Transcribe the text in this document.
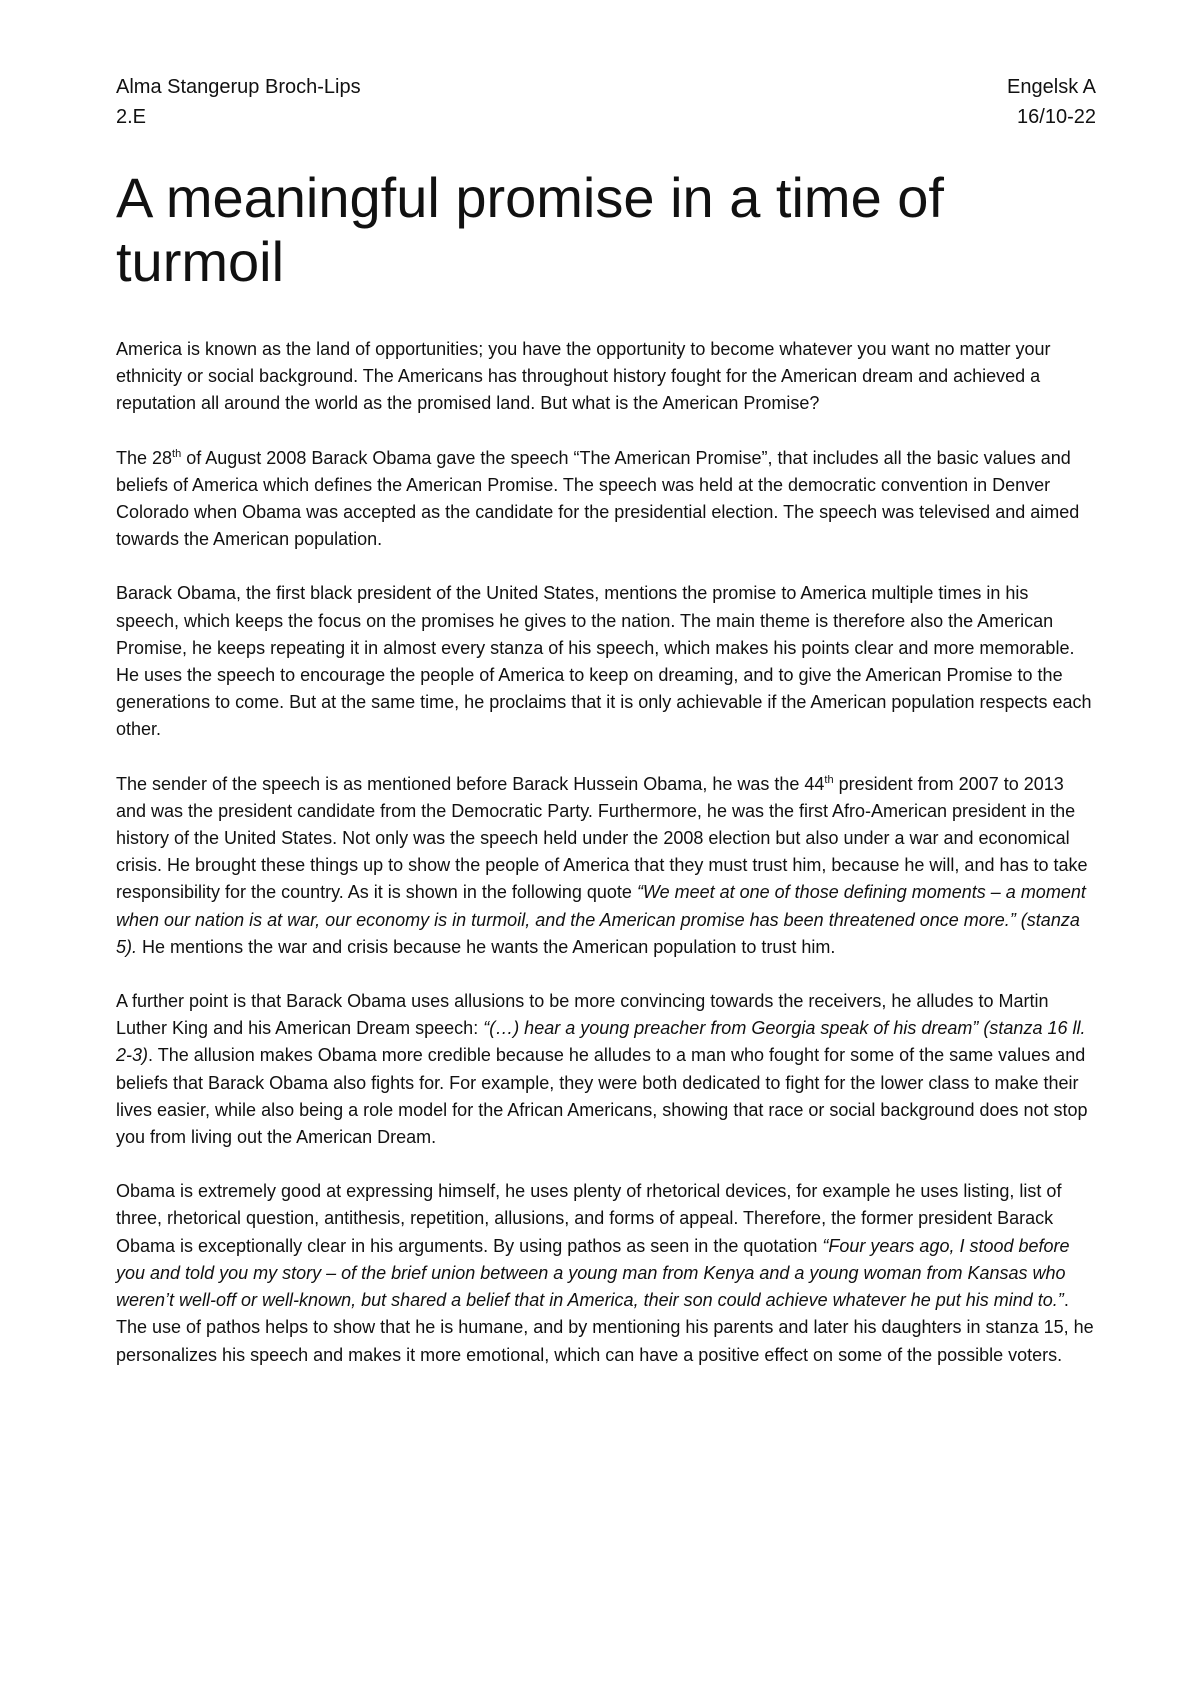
Alma Stangerup Broch-Lips
2.E
Engelsk A
16/10-22
A meaningful promise in a time of turmoil

America is known as the land of opportunities; you have the opportunity to become whatever you want no matter your ethnicity or social background. The Americans has throughout history fought for the American dream and achieved a reputation all around the world as the promised land. But what is the American Promise?

The 28th of August 2008 Barack Obama gave the speech “The American Promise”, that includes all the basic values and beliefs of America which defines the American Promise. The speech was held at the democratic convention in Denver Colorado when Obama was accepted as the candidate for the presidential election. The speech was televised and aimed towards the American population.

Barack Obama, the first black president of the United States, mentions the promise to America multiple times in his speech, which keeps the focus on the promises he gives to the nation. The main theme is therefore also the American Promise, he keeps repeating it in almost every stanza of his speech, which makes his points clear and more memorable. He uses the speech to encourage the people of America to keep on dreaming, and to give the American Promise to the generations to come. But at the same time, he proclaims that it is only achievable if the American population respects each other.

The sender of the speech is as mentioned before Barack Hussein Obama, he was the 44th president from 2007 to 2013 and was the president candidate from the Democratic Party. Furthermore, he was the first Afro-American president in the history of the United States. Not only was the speech held under the 2008 election but also under a war and economical crisis. He brought these things up to show the people of America that they must trust him, because he will, and has to take responsibility for the country. As it is shown in the following quote “We meet at one of those defining moments – a moment when our nation is at war, our economy is in turmoil, and the American promise has been threatened once more.” (stanza 5). He mentions the war and crisis because he wants the American population to trust him.

A further point is that Barack Obama uses allusions to be more convincing towards the receivers, he alludes to Martin Luther King and his American Dream speech: “(…) hear a young preacher from Georgia speak of his dream” (stanza 16 ll. 2-3). The allusion makes Obama more credible because he alludes to a man who fought for some of the same values and beliefs that Barack Obama also fights for. For example, they were both dedicated to fight for the lower class to make their lives easier, while also being a role model for the African Americans, showing that race or social background does not stop you from living out the American Dream.

Obama is extremely good at expressing himself, he uses plenty of rhetorical devices, for example he uses listing, list of three, rhetorical question, antithesis, repetition, allusions, and forms of appeal. Therefore, the former president Barack Obama is exceptionally clear in his arguments. By using pathos as seen in the quotation “Four years ago, I stood before you and told you my story – of the brief union between a young man from Kenya and a young woman from Kansas who weren’t well-off or well-known, but shared a belief that in America, their son could achieve whatever he put his mind to.”. The use of pathos helps to show that he is humane, and by mentioning his parents and later his daughters in stanza 15, he personalizes his speech and makes it more emotional, which can have a positive effect on some of the possible voters.
